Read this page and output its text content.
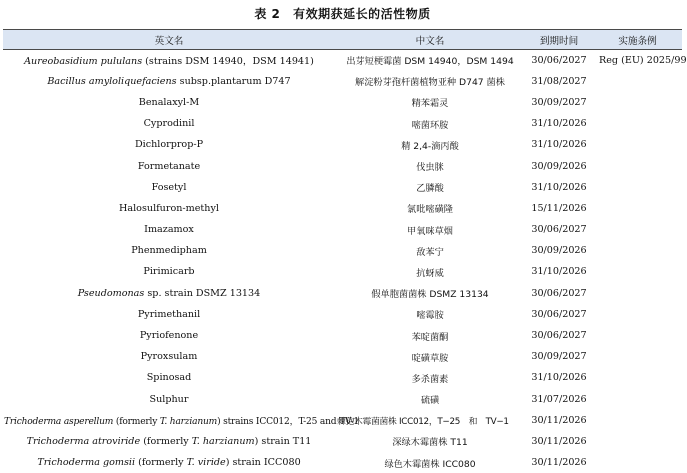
表 2 有效期获延长的活性物质
英文名	中文名	到期时间	实施条例
Aureobasidium pululans (strains DSM 14940，DSM 14941)	出芽短梗霉菌 DSM 14940，DSM 1494	30/06/2027	Reg (EU) 2025/99
Bacillus amyloliquefaciens subsp.plantarum D747	解淀粉芽孢杆菌植物亚种 D747 菌株	31/08/2027	
Benalaxyl-M	精苯霜灵	30/09/2027	
Cyprodinil	嘧菌环胺	31/10/2026	
Dichlorprop-P	精 2,4-滴丙酸	31/10/2026	
Formetanate	伐虫脒	30/09/2026	
Fosetyl	乙膦酸	31/10/2026	
Halosulfuron-methyl	氯吡嘧磺隆	15/11/2026	
Imazamox	甲氧咪草烟	30/06/2027	
Phenmedipham	敌苯宁	30/09/2026	
Pirimicarb	抗蚜威	31/10/2026	
Pseudomonas sp. strain DSMZ 13134	假单胞菌菌株 DSMZ 13134	30/06/2027	
Pyrimethanil	嘧霉胺	30/06/2027	
Pyriofenone	苯啶菌酮	30/06/2027	
Pyroxsulam	啶磺草胺	30/09/2027	
Spinosad	多杀菌素	31/10/2026	
Sulphur	硫磺	31/07/2026	
Trichoderma asperellum (formerly T. harzianum) strains ICC012，T-25 and TV-1	棘孢木霉菌菌株 ICC012，T−25　和　TV−1	30/11/2026	
Trichoderma atroviride (formerly T. harzianum) strain T11	深绿木霉菌株 T11	30/11/2026	
Trichoderma gomsii (formerly T. viride) strain ICC080	绿色木霉菌株 ICC080	30/11/2026	
